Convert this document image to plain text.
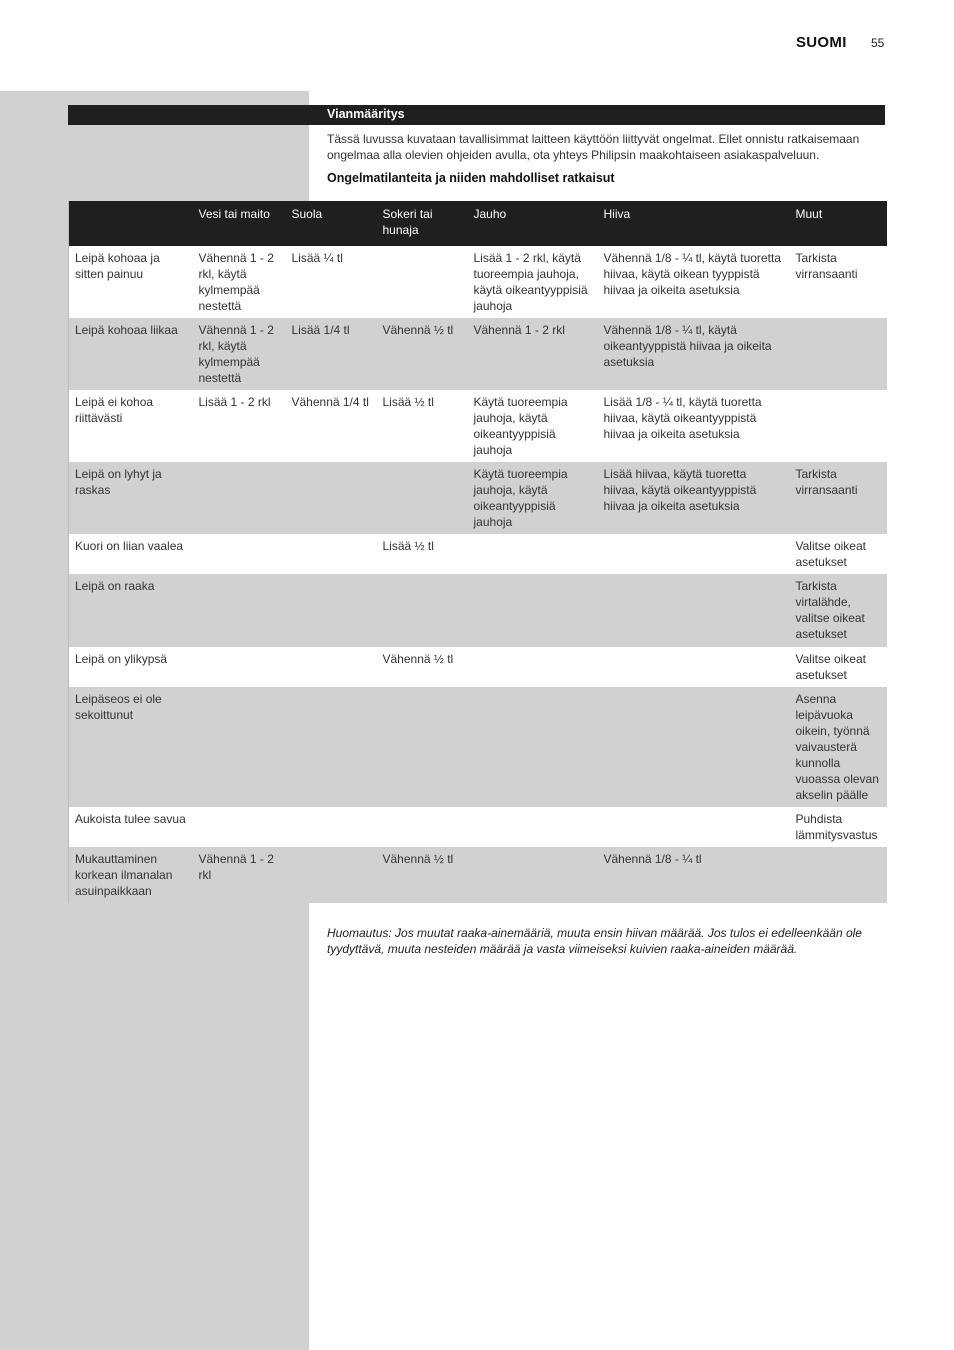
SUOMI 55
Vianmääritys

Tässä luvussa kuvataan tavallisimmat laitteen käyttöön liittyvät ongelmat. Ellet onnistu ratkaisemaan ongelmaa alla olevien ohjeiden avulla, ota yhteys Philipsin maakohtaiseen asiakaspalveluun.

Ongelmatilanteita ja niiden mahdolliset ratkaisut
	Vesi tai maito	Suola	Sokeri tai hunaja	Jauho	Hiiva	Muut
Leipä kohoaa ja sitten painuu	Vähennä 1 - 2 rkl, käytä kylmempää nestettä	Lisää ¼ tl		Lisää 1 - 2 rkl, käytä tuoreempia jauhoja, käytä oikeantyyppisiä jauhoja	Vähennä 1/8 - ¼ tl, käytä tuoretta hiivaa, käytä oikean tyyppistä hiivaa ja oikeita asetuksia	Tarkista virransaanti
Leipä kohoaa liikaa	Vähennä 1 - 2 rkl, käytä kylmempää nestettä	Lisää 1/4 tl	Vähennä ½ tl	Vähennä 1 - 2 rkl	Vähennä 1/8 - ¼ tl, käytä oikeantyyppistä hiivaa ja oikeita asetuksia	
Leipä ei kohoa riittävästi	Lisää 1 - 2 rkl	Vähennä 1/4 tl	Lisää ½ tl	Käytä tuoreempia jauhoja, käytä oikeantyyppisiä jauhoja	Lisää 1/8 - ¼ tl, käytä tuoretta hiivaa, käytä oikeantyyppistä hiivaa ja oikeita asetuksia	
Leipä on lyhyt ja raskas				Käytä tuoreempia jauhoja, käytä oikeantyyppisiä jauhoja	Lisää hiivaa, käytä tuoretta hiivaa, käytä oikeantyyppistä hiivaa ja oikeita asetuksia	Tarkista virransaanti
Kuori on liian vaalea			Lisää ½ tl			Valitse oikeat asetukset
Leipä on raaka						Tarkista virtalähde, valitse oikeat asetukset
Leipä on ylikypsä			Vähennä ½ tl			Valitse oikeat asetukset
Leipäseos ei ole sekoittunut						Asenna leipävuoka oikein, työnnä vaivausterä kunnolla vuoassa olevan akselin päälle
Aukoista tulee savua						Puhdista lämmitysvastus
Mukauttaminen korkean ilmanalan asuinpaikkaan	Vähennä 1 - 2 rkl		Vähennä ½ tl		Vähennä 1/8 - ¼ tl	

Huomautus: Jos muutat raaka-ainemääriä, muuta ensin hiivan määrää. Jos tulos ei edelleenkään ole tyydyttävä, muuta nesteiden määrää ja vasta viimeiseksi kuivien raaka-aineiden määrää.
